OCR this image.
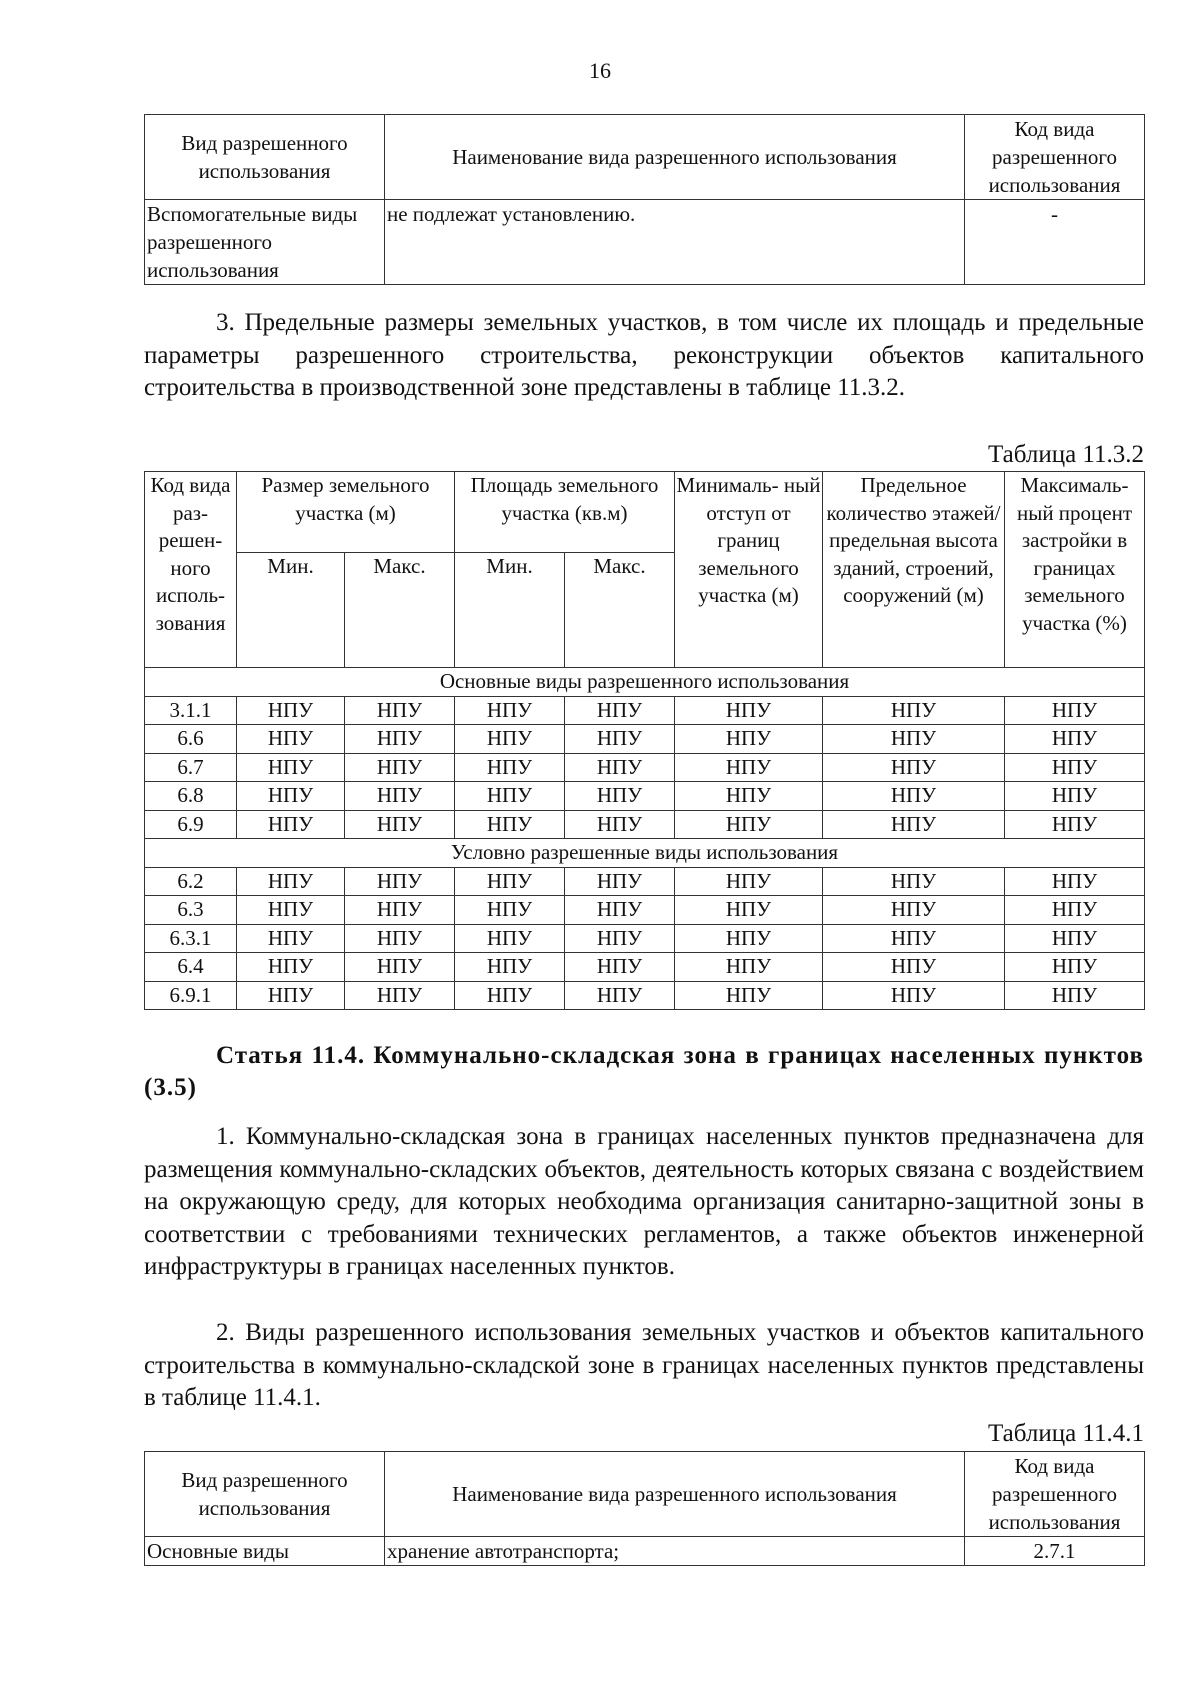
16
Вид разрешенного использования	Наименование вида разрешенного использования	Код вида разрешенного использования
Вспомогательные виды разрешенного использования	не подлежат установлению.	-

3. Предельные размеры земельных участков, в том числе их площадь и предельные параметры разрешенного строительства, реконструкции объектов капитального строительства в производственной зоне представлены в таблице 11.3.2.

Таблица 11.3.2
Код вида раз- решен- ного исполь- зования	Размер земельного участка (м)		Площадь земельного участка (кв.м)		Минималь- ный отступ от границ земельного участка (м)	Предельное количество этажей/ предельная высота зданий, строений, сооружений (м)	Максималь- ный процент застройки в границах земельного участка (%)
	Мин.	Макс.	Мин.	Макс.			
Основные виды разрешенного использования							
3.1.1	НПУ	НПУ	НПУ	НПУ	НПУ	НПУ	НПУ
6.6	НПУ	НПУ	НПУ	НПУ	НПУ	НПУ	НПУ
6.7	НПУ	НПУ	НПУ	НПУ	НПУ	НПУ	НПУ
6.8	НПУ	НПУ	НПУ	НПУ	НПУ	НПУ	НПУ
6.9	НПУ	НПУ	НПУ	НПУ	НПУ	НПУ	НПУ
Условно разрешенные виды использования							
6.2	НПУ	НПУ	НПУ	НПУ	НПУ	НПУ	НПУ
6.3	НПУ	НПУ	НПУ	НПУ	НПУ	НПУ	НПУ
6.3.1	НПУ	НПУ	НПУ	НПУ	НПУ	НПУ	НПУ
6.4	НПУ	НПУ	НПУ	НПУ	НПУ	НПУ	НПУ
6.9.1	НПУ	НПУ	НПУ	НПУ	НПУ	НПУ	НПУ

Статья 11.4. Коммунально-складская зона в границах населенных пунктов (3.5)

1. Коммунально-складская зона в границах населенных пунктов предназначена для размещения коммунально-складских объектов, деятельность которых связана с воздействием на окружающую среду, для которых необходима организация санитарно-защитной зоны в соответствии с требованиями технических регламентов, а также объектов инженерной инфраструктуры в границах населенных пунктов.

2. Виды разрешенного использования земельных участков и объектов капитального строительства в коммунально-складской зоне в границах населенных пунктов представлены в таблице 11.4.1.

Таблица 11.4.1
Вид разрешенного использования	Наименование вида разрешенного использования	Код вида разрешенного использования
Основные виды	хранение автотранспорта;	2.7.1
